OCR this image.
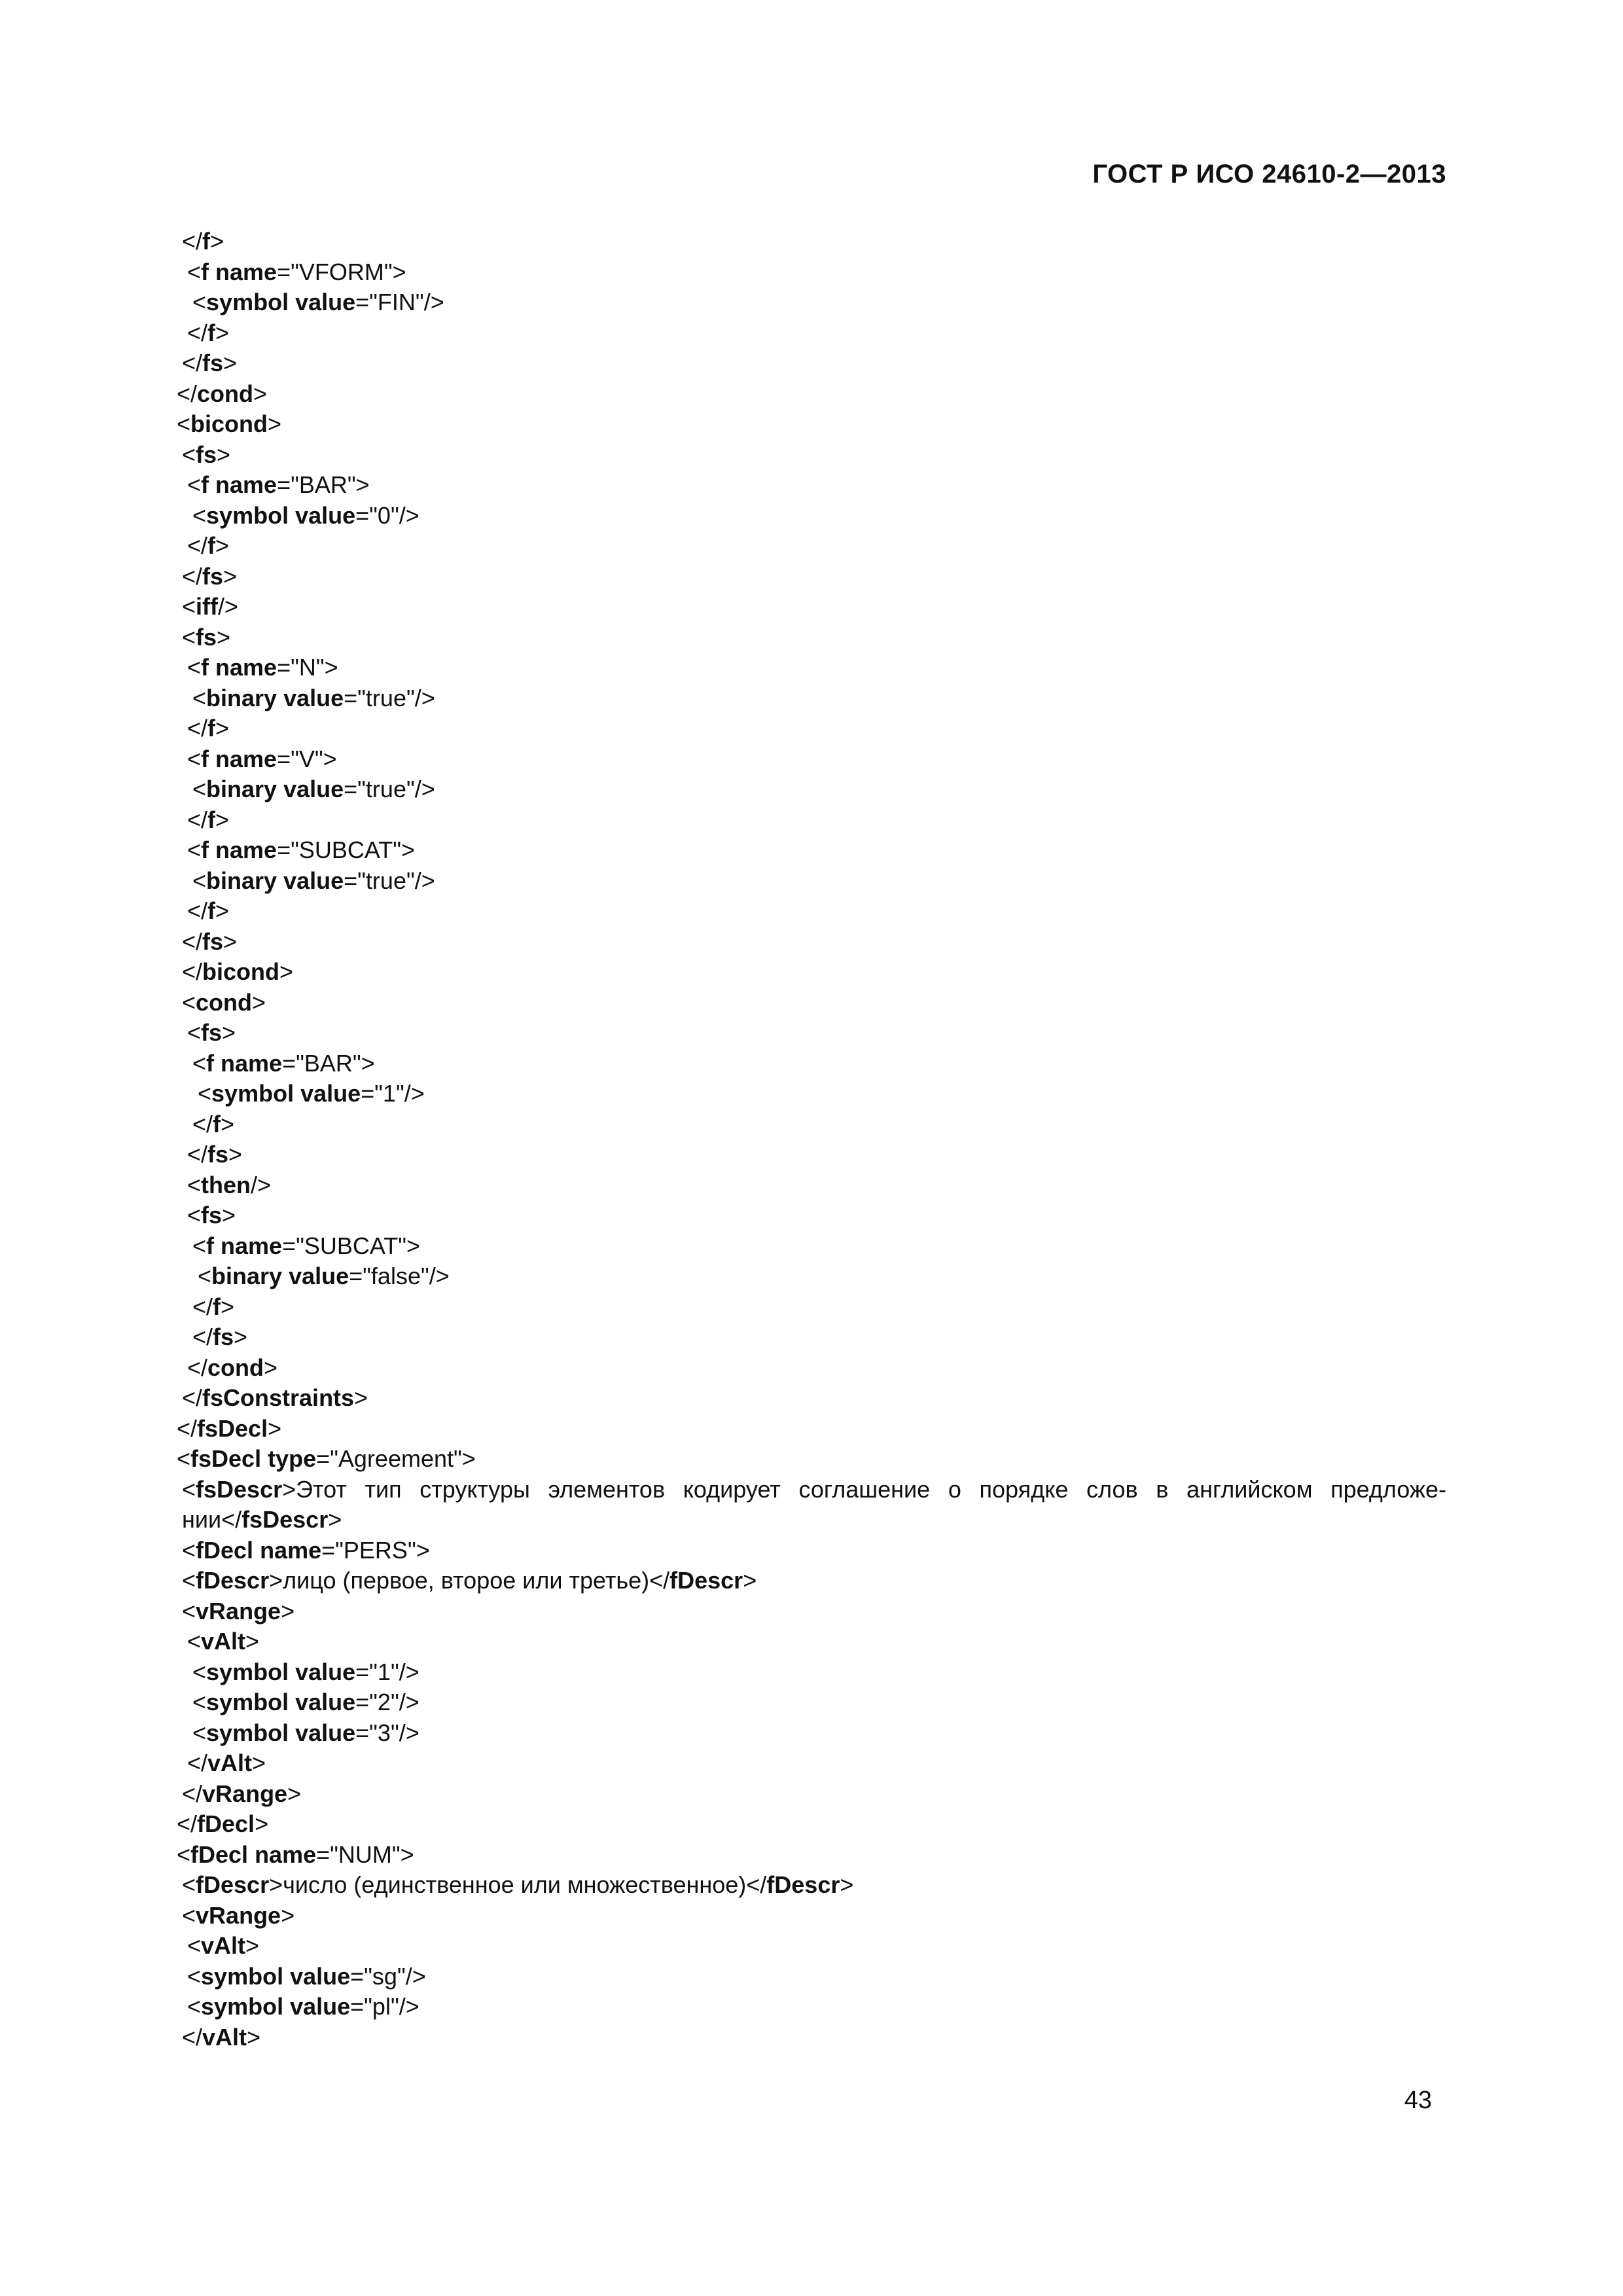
ГОСТ Р ИСО 24610-2—2013
</f>
<f name="VFORM">
<symbol value="FIN"/>
</f>
</fs>
</cond>
<bicond>
<fs>
<f name="BAR">
<symbol value="0"/>
</f>
</fs>
<iff/>
<fs>
<f name="N">
<binary value="true"/>
</f>
<f name="V">
<binary value="true"/>
</f>
<f name="SUBCAT">
<binary value="true"/>
</f>
</fs>
</bicond>
<cond>
<fs>
<f name="BAR">
<symbol value="1"/>
</f>
</fs>
<then/>
<fs>
<f name="SUBCAT">
<binary value="false"/>
</f>
</fs>
</cond>
</fsConstraints>
</fsDecl>
<fsDecl type="Agreement">
<fsDescr>Этот тип структуры элементов кодирует соглашение о порядке слов в английском предложе-нии</fsDescr>
<fDecl name="PERS">
<fDescr>лицо (первое, второе или третье)</fDescr>
<vRange>
<vAlt>
<symbol value="1"/>
<symbol value="2"/>
<symbol value="3"/>
</vAlt>
</vRange>
</fDecl>
<fDecl name="NUM">
<fDescr>число (единственное или множественное)</fDescr>
<vRange>
<vAlt>
<symbol value="sg"/>
<symbol value="pl"/>
</vAlt>
43
